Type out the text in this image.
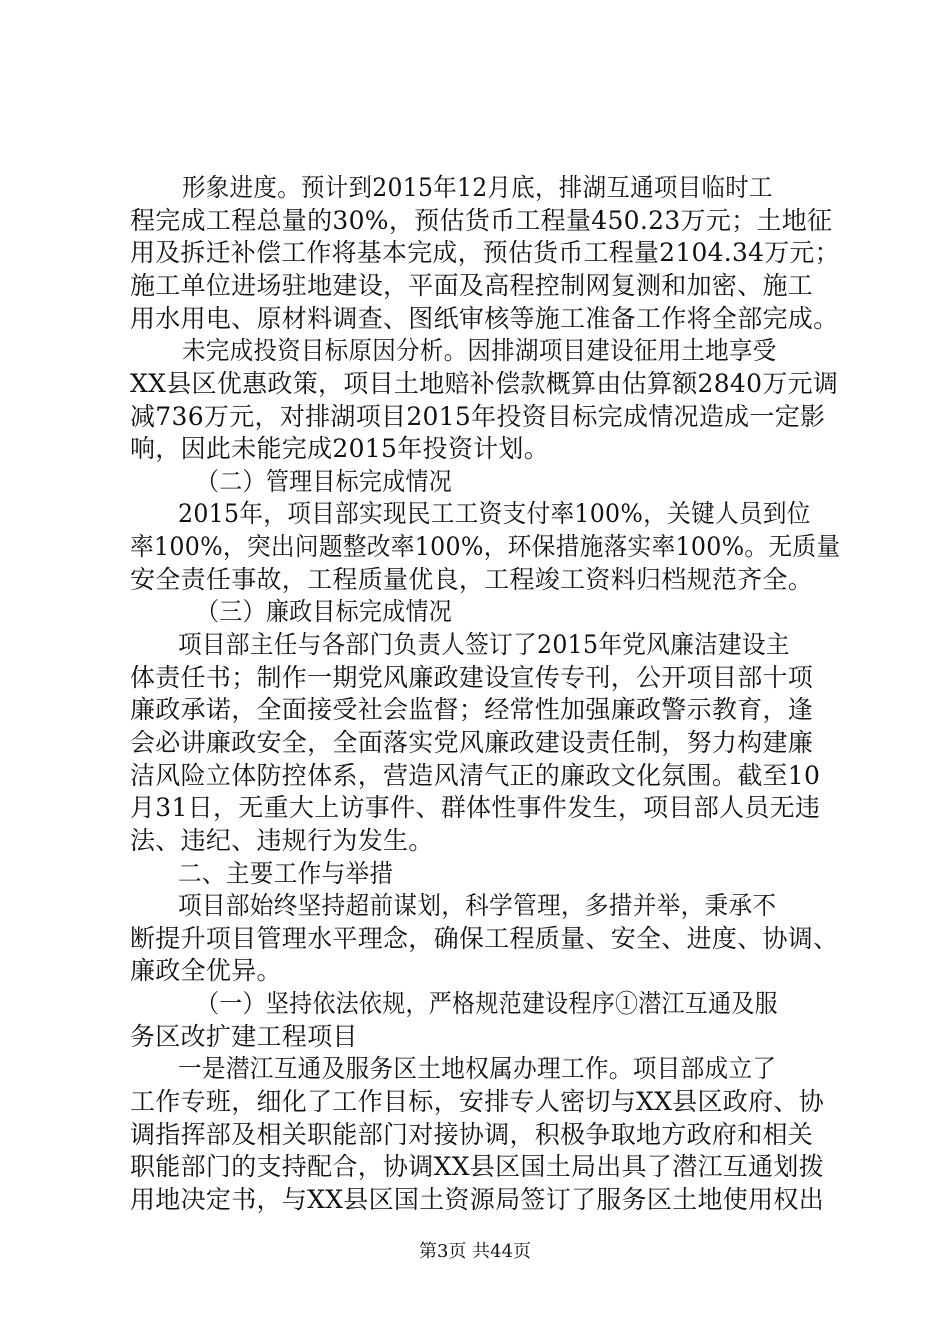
形象进度。预计到2015年12月底，排湖互通项目临时工
程完成工程总量的30%，预估货币工程量450.23万元；土地征
用及拆迁补偿工作将基本完成，预估货币工程量2104.34万元；
施工单位进场驻地建设，平面及高程控制网复测和加密、施工
用水用电、原材料调查、图纸审核等施工准备工作将全部完成。
未完成投资目标原因分析。因排湖项目建设征用土地享受
XX县区优惠政策，项目土地赔补偿款概算由估算额2840万元调
减736万元，对排湖项目2015年投资目标完成情况造成一定影
响，因此未能完成2015年投资计划。
（二）管理目标完成情况
2015年，项目部实现民工工资支付率100%，关键人员到位
率100%，突出问题整改率100%，环保措施落实率100%。无质量
安全责任事故，工程质量优良，工程竣工资料归档规范齐全。
（三）廉政目标完成情况
项目部主任与各部门负责人签订了2015年党风廉洁建设主
体责任书；制作一期党风廉政建设宣传专刊，公开项目部十项
廉政承诺，全面接受社会监督；经常性加强廉政警示教育，逢
会必讲廉政安全，全面落实党风廉政建设责任制，努力构建廉
洁风险立体防控体系，营造风清气正的廉政文化氛围。截至10
月31日，无重大上访事件、群体性事件发生，项目部人员无违
法、违纪、违规行为发生。
二、主要工作与举措
项目部始终坚持超前谋划，科学管理，多措并举，秉承不
断提升项目管理水平理念，确保工程质量、安全、进度、协调、
廉政全优异。
（一）坚持依法依规，严格规范建设程序①潜江互通及服
务区改扩建工程项目
一是潜江互通及服务区土地权属办理工作。项目部成立了
工作专班，细化了工作目标，安排专人密切与XX县区政府、协
调指挥部及相关职能部门对接协调，积极争取地方政府和相关
职能部门的支持配合，协调XX县区国土局出具了潜江互通划拨
用地决定书，与XX县区国土资源局签订了服务区土地使用权出
第3页 共44页
